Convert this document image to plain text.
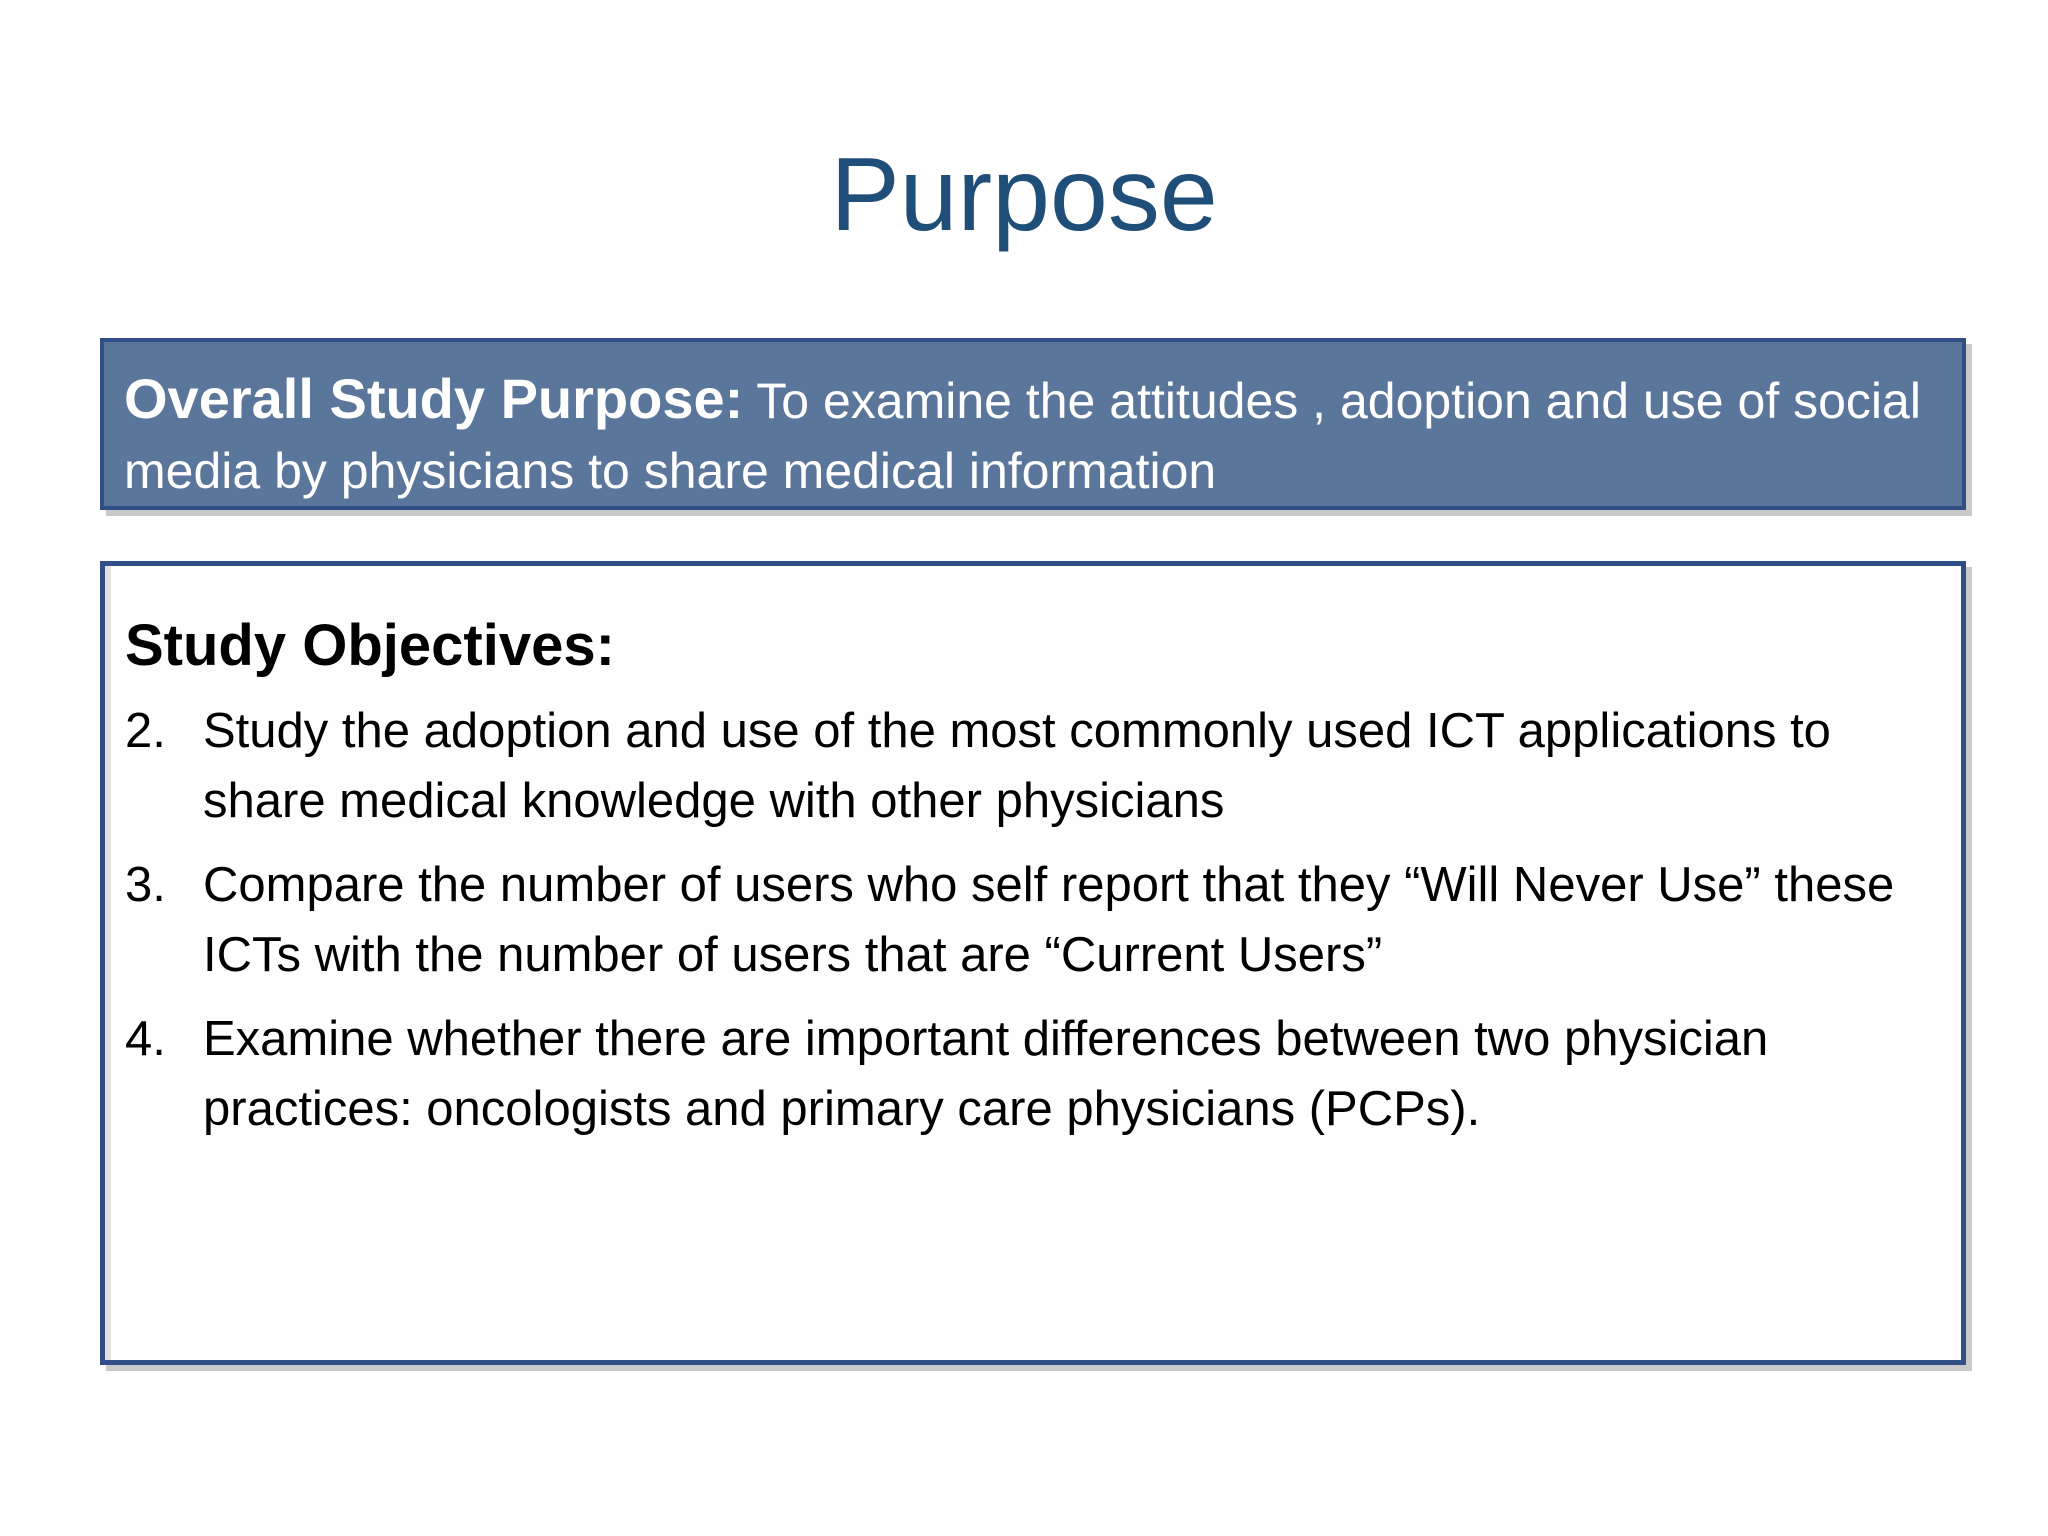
Purpose
Overall Study Purpose: To examine the attitudes , adoption and use of social media by physicians to share medical information
Study Objectives:
2. Study the adoption and use of the most commonly used ICT applications to share medical knowledge with other physicians
3. Compare the number of users who self report that they “Will Never Use” these ICTs with the number of users that are “Current Users”
4. Examine whether there are important differences between two physician practices: oncologists and primary care physicians (PCPs).
